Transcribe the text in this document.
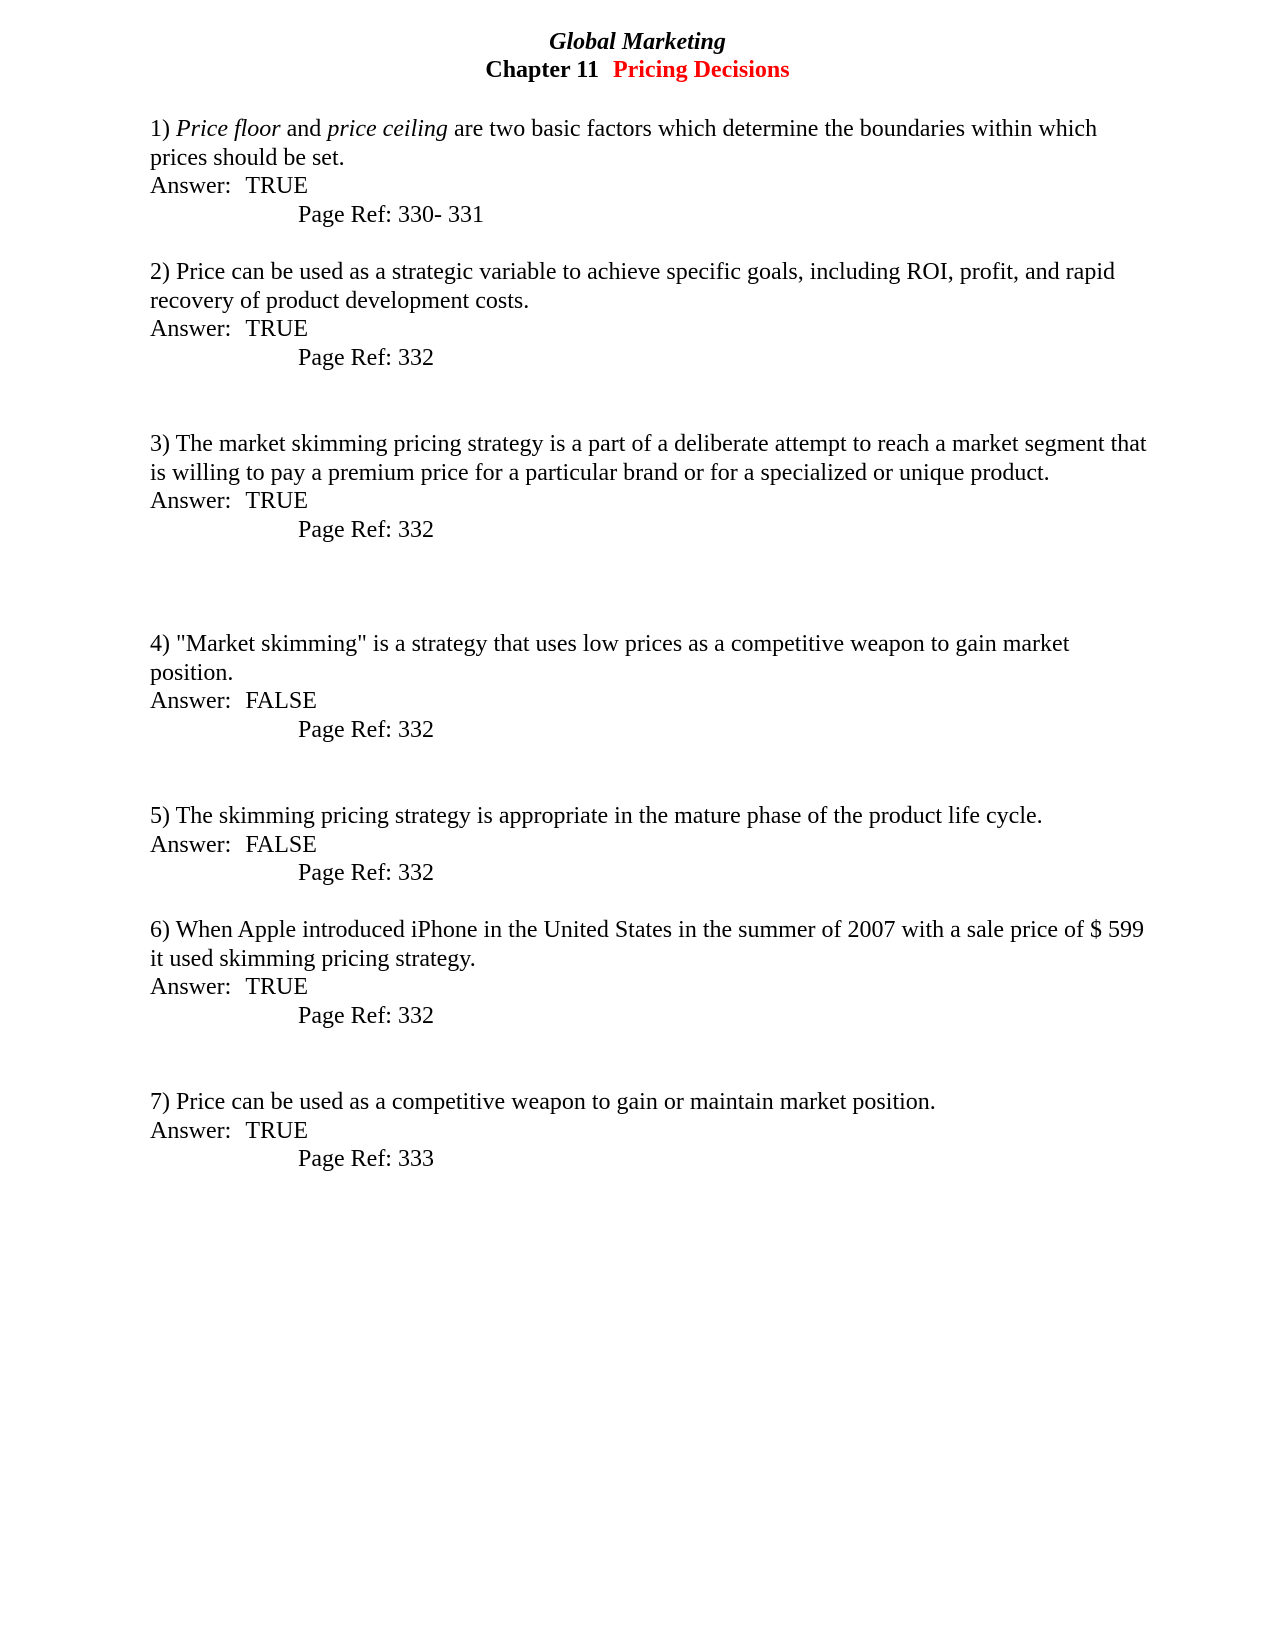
Global Marketing
Chapter 11 Pricing Decisions

1) Price floor and price ceiling are two basic factors which determine the boundaries within which prices should be set.

Answer: TRUE
Page Ref: 330- 331

2) Price can be used as a strategic variable to achieve specific goals, including ROI, profit, and rapid recovery of product development costs.

Answer: TRUE
Page Ref: 332

3) The market skimming pricing strategy is a part of a deliberate attempt to reach a market segment that is willing to pay a premium price for a particular brand or for a specialized or unique product.

Answer: TRUE
Page Ref: 332

4) "Market skimming" is a strategy that uses low prices as a competitive weapon to gain market position.

Answer: FALSE
Page Ref: 332

5) The skimming pricing strategy is appropriate in the mature phase of the product life cycle.

Answer: FALSE
Page Ref: 332

6) When Apple introduced iPhone in the United States in the summer of 2007 with a sale price of $ 599 it used skimming pricing strategy.

Answer: TRUE
Page Ref: 332

7) Price can be used as a competitive weapon to gain or maintain market position.

Answer: TRUE
Page Ref: 333
